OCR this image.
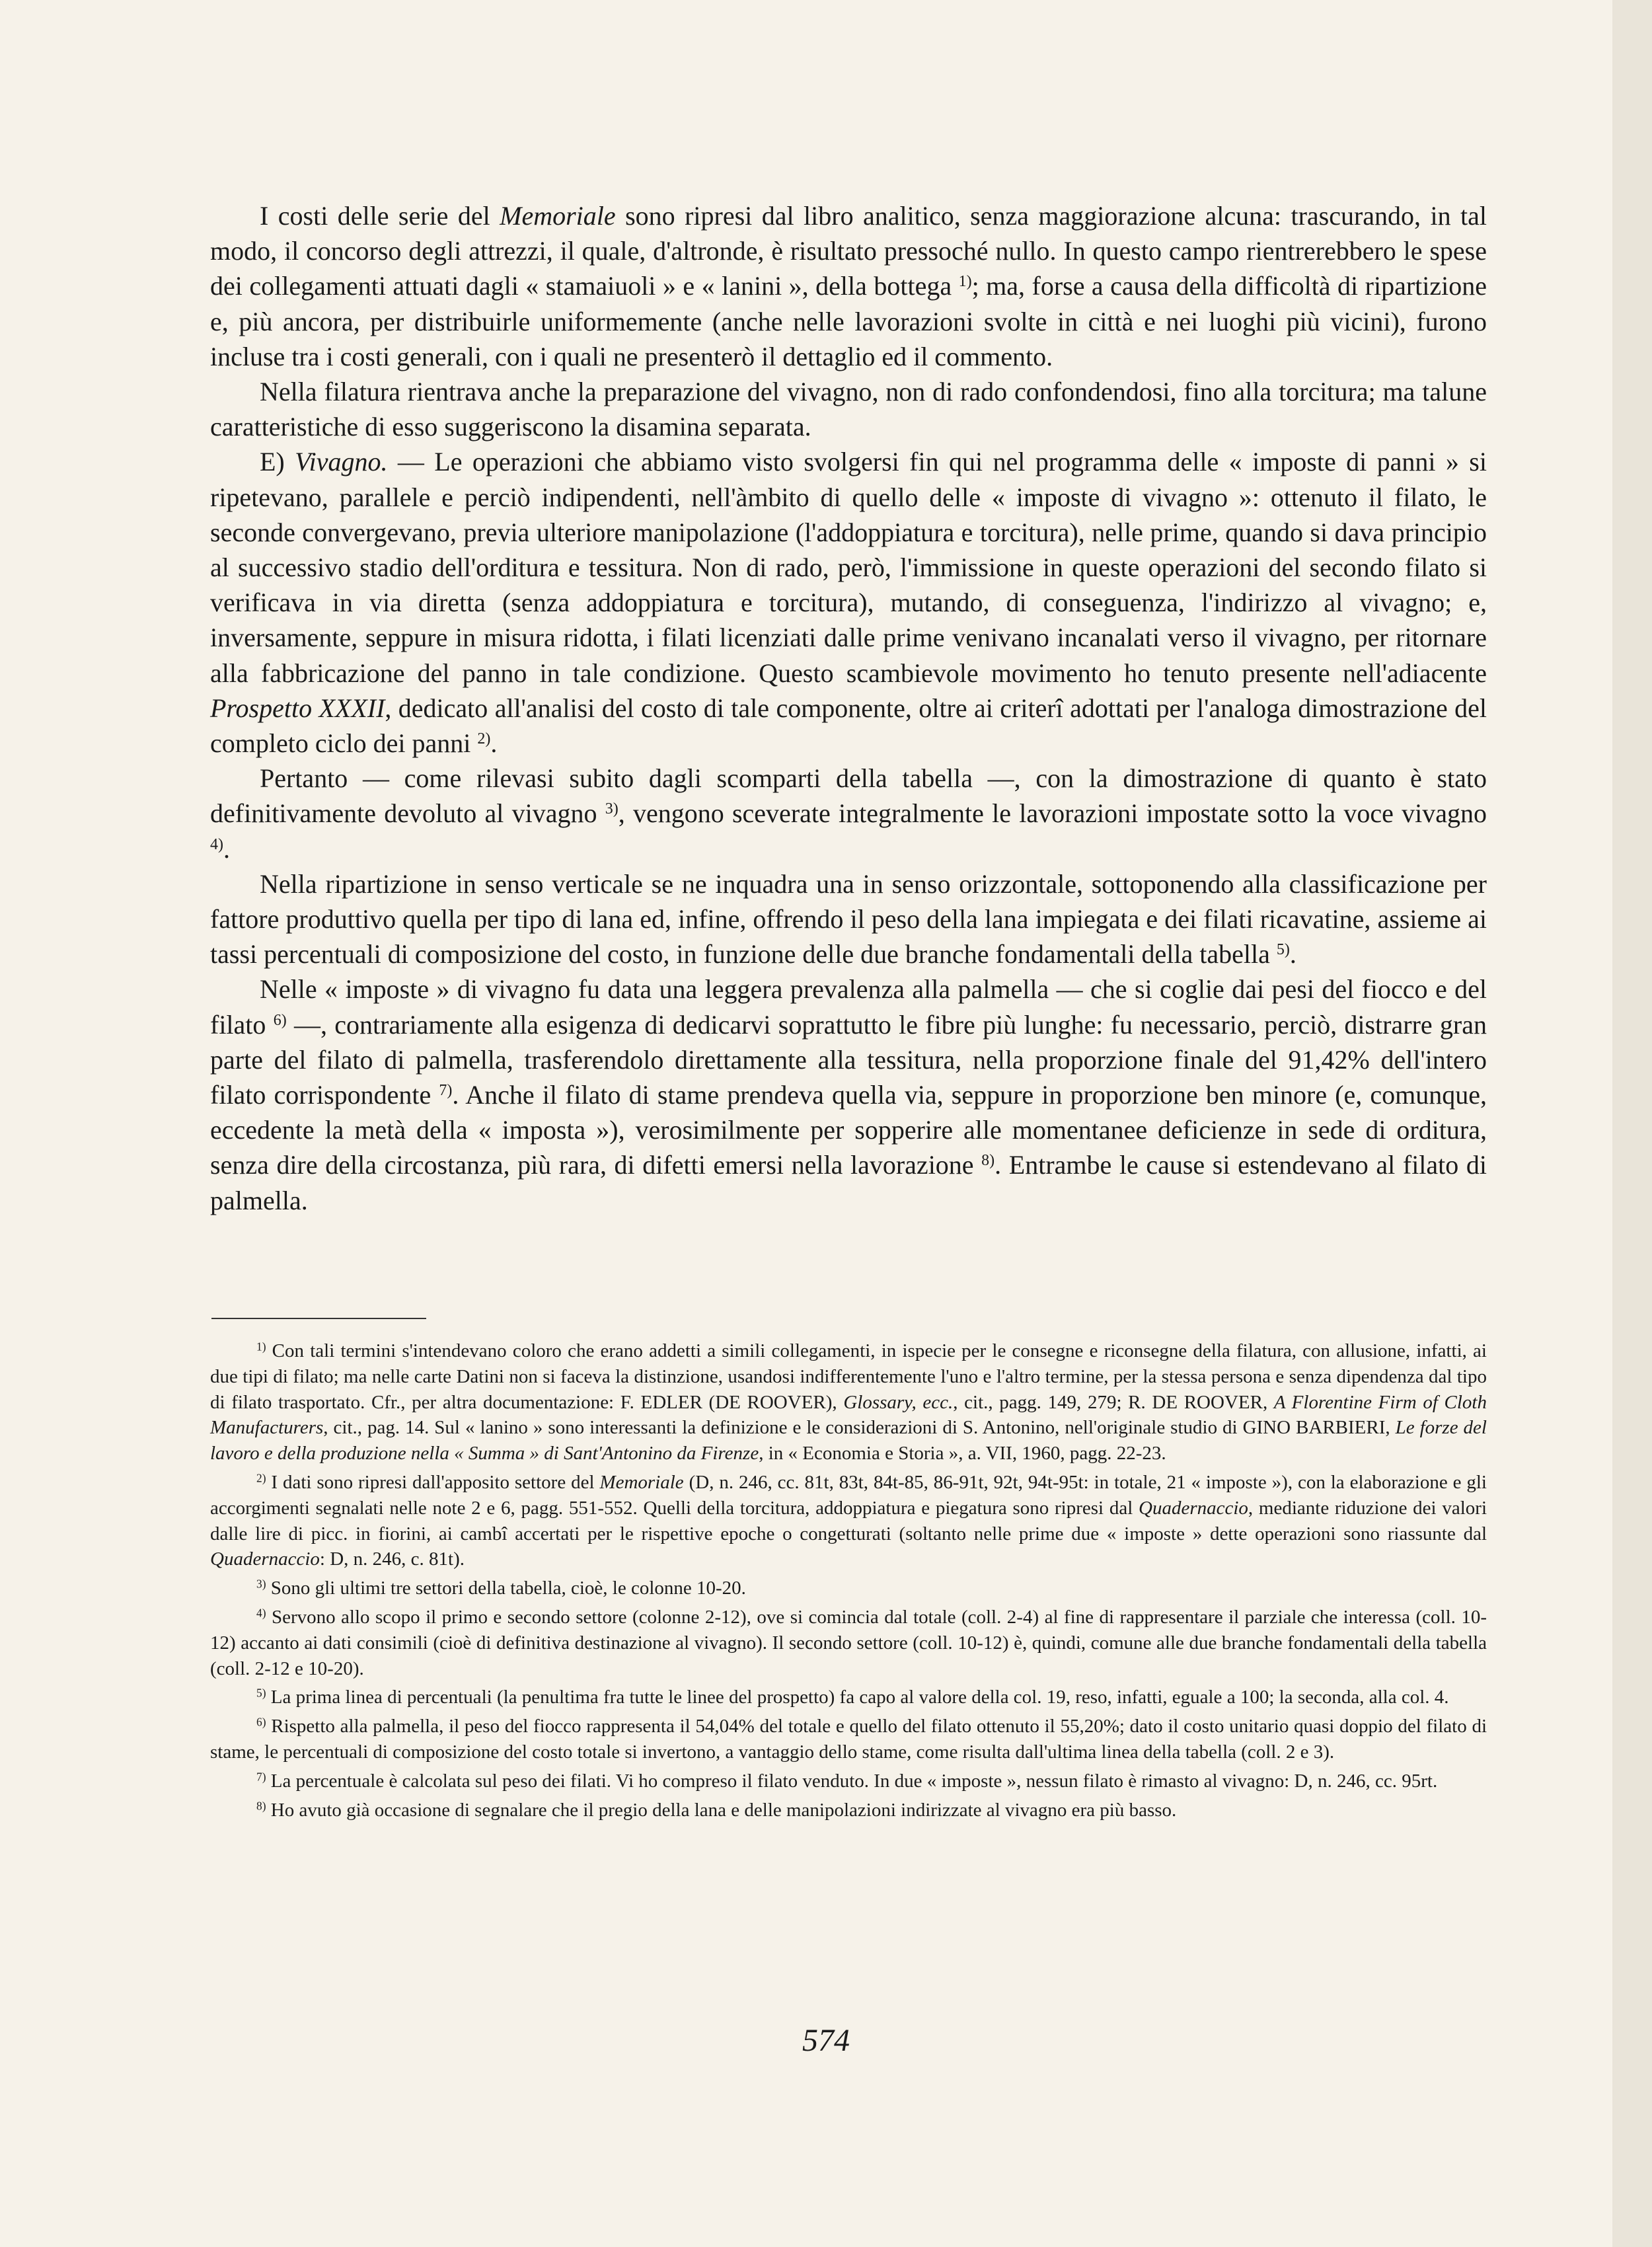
I costi delle serie del Memoriale sono ripresi dal libro analitico, senza maggiorazione alcuna: trascurando, in tal modo, il concorso degli attrezzi, il quale, d'altronde, è risultato pressoché nullo. In questo campo rientrerebbero le spese dei collegamenti attuati dagli « stamaiuoli » e « lanini », della bottega $^{1)}$; ma, forse a causa della difficoltà di ripartizione e, più ancora, per distribuirle uniformemente (anche nelle lavorazioni svolte in città e nei luoghi più vicini), furono incluse tra i costi generali, con i quali ne presenterò il dettaglio ed il commento.

Nella filatura rientrava anche la preparazione del vivagno, non di rado confondendosi, fino alla torcitura; ma talune caratteristiche di esso suggeriscono la disamina separata.

E) Vivagno. — Le operazioni che abbiamo visto svolgersi fin qui nel programma delle « imposte di panni » si ripetevano, parallele e perciò indipendenti, nell'àmbito di quello delle « imposte di vivagno »: ottenuto il filato, le seconde convergevano, previa ulteriore manipolazione (l'addoppiatura e torcitura), nelle prime, quando si dava principio al successivo stadio dell'orditura e tessitura. Non di rado, però, l'immissione in queste operazioni del secondo filato si verificava in via diretta (senza addoppiatura e torcitura), mutando, di conseguenza, l'indirizzo al vivagno; e, inversamente, seppure in misura ridotta, i filati licenziati dalle prime venivano incanalati verso il vivagno, per ritornare alla fabbricazione del panno in tale condizione. Questo scambievole movimento ho tenuto presente nell'adiacente Prospetto XXXII, dedicato all'analisi del costo di tale componente, oltre ai criterî adottati per l'analoga dimostrazione del completo ciclo dei panni $^{2)}$.

Pertanto — come rilevasi subito dagli scomparti della tabella —, con la dimostrazione di quanto è stato definitivamente devoluto al vivagno $^{3)}$, vengono sceverate integralmente le lavorazioni impostate sotto la voce vivagno $^{4)}$.

Nella ripartizione in senso verticale se ne inquadra una in senso orizzontale, sottoponendo alla classificazione per fattore produttivo quella per tipo di lana ed, infine, offrendo il peso della lana impiegata e dei filati ricavatine, assieme ai tassi percentuali di composizione del costo, in funzione delle due branche fondamentali della tabella $^{5)}$.

Nelle « imposte » di vivagno fu data una leggera prevalenza alla palmella — che si coglie dai pesi del fiocco e del filato $^{6)}$ —, contrariamente alla esigenza di dedicarvi soprattutto le fibre più lunghe: fu necessario, perciò, distrarre gran parte del filato di palmella, trasferendolo direttamente alla tessitura, nella proporzione finale del 91,42% dell'intero filato corrispondente $^{7)}$. Anche il filato di stame prendeva quella via, seppure in proporzione ben minore (e, comunque, eccedente la metà della « imposta »), verosimilmente per sopperire alle momentanee deficienze in sede di orditura, senza dire della circostanza, più rara, di difetti emersi nella lavorazione $^{8)}$. Entrambe le cause si estendevano al filato di palmella.

$^{1)}$ Con tali termini s'intendevano coloro che erano addetti a simili collegamenti, in ispecie per le consegne e riconsegne della filatura, con allusione, infatti, ai due tipi di filato; ma nelle carte Datini non si faceva la distinzione, usandosi indifferentemente l'uno e l'altro termine, per la stessa persona e senza dipendenza dal tipo di filato trasportato. Cfr., per altra documentazione: F. EDLER (DE ROOVER), Glossary, ecc., cit., pagg. 149, 279; R. DE ROOVER, A Florentine Firm of Cloth Manufacturers, cit., pag. 14. Sul « lanino » sono interessanti la definizione e le considerazioni di S. Antonino, nell'originale studio di GINO BARBIERI, Le forze del lavoro e della produzione nella « Summa » di Sant'Antonino da Firenze, in « Economia e Storia », a. VII, 1960, pagg. 22-23.

$^{2)}$ I dati sono ripresi dall'apposito settore del Memoriale (D, n. 246, cc. 81t, 83t, 84t-85, 86-91t, 92t, 94t-95t: in totale, 21 « imposte »), con la elaborazione e gli accorgimenti segnalati nelle note 2 e 6, pagg. 551-552. Quelli della torcitura, addoppiatura e piegatura sono ripresi dal Quadernaccio, mediante riduzione dei valori dalle lire di picc. in fiorini, ai cambî accertati per le rispettive epoche o congetturati (soltanto nelle prime due « imposte » dette operazioni sono riassunte dal Quadernaccio: D, n. 246, c. 81t).

$^{3)}$ Sono gli ultimi tre settori della tabella, cioè, le colonne 10-20.

$^{4)}$ Servono allo scopo il primo e secondo settore (colonne 2-12), ove si comincia dal totale (coll. 2-4) al fine di rappresentare il parziale che interessa (coll. 10-12) accanto ai dati consimili (cioè di definitiva destinazione al vivagno). Il secondo settore (coll. 10-12) è, quindi, comune alle due branche fondamentali della tabella (coll. 2-12 e 10-20).

$^{5)}$ La prima linea di percentuali (la penultima fra tutte le linee del prospetto) fa capo al valore della col. 19, reso, infatti, eguale a 100; la seconda, alla col. 4.

$^{6)}$ Rispetto alla palmella, il peso del fiocco rappresenta il 54,04% del totale e quello del filato ottenuto il 55,20%; dato il costo unitario quasi doppio del filato di stame, le percentuali di composizione del costo totale si invertono, a vantaggio dello stame, come risulta dall'ultima linea della tabella (coll. 2 e 3).

$^{7)}$ La percentuale è calcolata sul peso dei filati. Vi ho compreso il filato venduto. In due « imposte », nessun filato è rimasto al vivagno: D, n. 246, cc. 95rt.

$^{8)}$ Ho avuto già occasione di segnalare che il pregio della lana e delle manipolazioni indirizzate al vivagno era più basso.

574
